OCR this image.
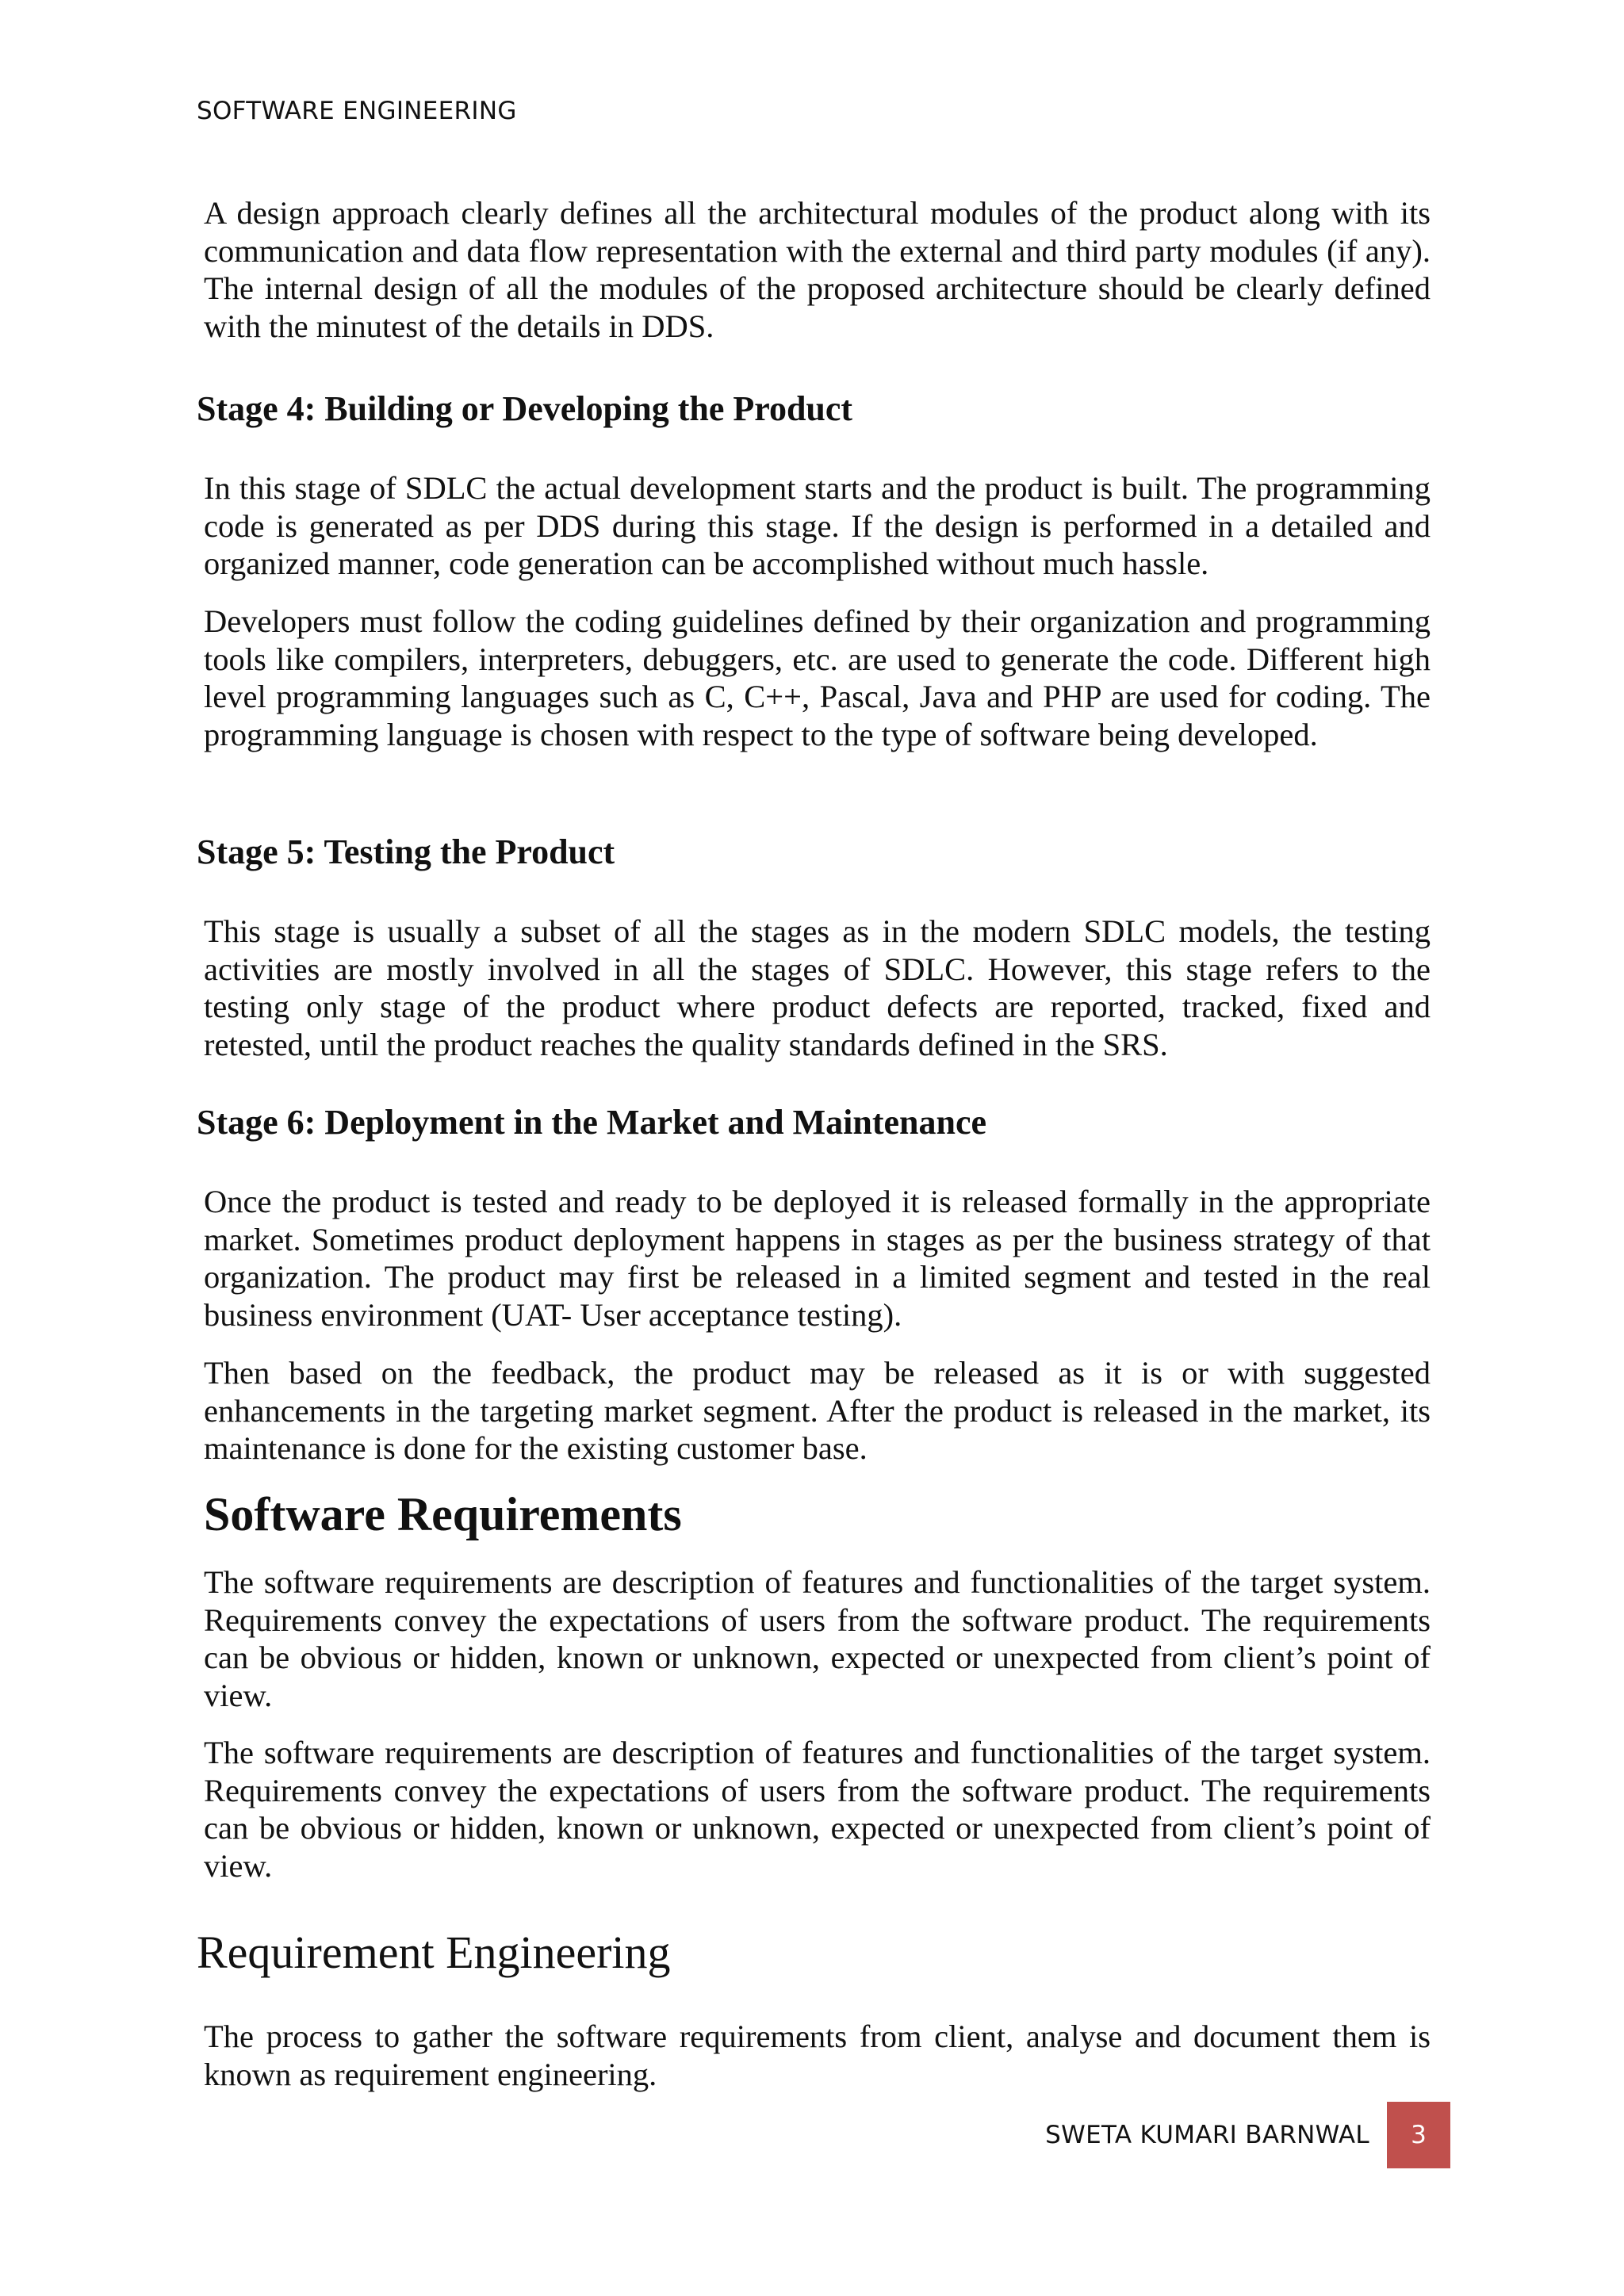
SOFTWARE ENGINEERING

A design approach clearly defines all the architectural modules of the product along with its communication and data flow representation with the external and third party modules (if any). The internal design of all the modules of the proposed architecture should be clearly defined with the minutest of the details in DDS.

Stage 4: Building or Developing the Product

In this stage of SDLC the actual development starts and the product is built. The programming code is generated as per DDS during this stage. If the design is performed in a detailed and organized manner, code generation can be accomplished without much hassle.

Developers must follow the coding guidelines defined by their organization and programming tools like compilers, interpreters, debuggers, etc. are used to generate the code. Different high level programming languages such as C, C++, Pascal, Java and PHP are used for coding. The programming language is chosen with respect to the type of software being developed.

Stage 5: Testing the Product

This stage is usually a subset of all the stages as in the modern SDLC models, the testing activities are mostly involved in all the stages of SDLC. However, this stage refers to the testing only stage of the product where product defects are reported, tracked, fixed and retested, until the product reaches the quality standards defined in the SRS.

Stage 6: Deployment in the Market and Maintenance

Once the product is tested and ready to be deployed it is released formally in the appropriate market. Sometimes product deployment happens in stages as per the business strategy of that organization. The product may first be released in a limited segment and tested in the real business environment (UAT- User acceptance testing).

Then based on the feedback, the product may be released as it is or with suggested enhancements in the targeting market segment. After the product is released in the market, its maintenance is done for the existing customer base.

Software Requirements

The software requirements are description of features and functionalities of the target system. Requirements convey the expectations of users from the software product. The requirements can be obvious or hidden, known or unknown, expected or unexpected from client’s point of view.

The software requirements are description of features and functionalities of the target system. Requirements convey the expectations of users from the software product. The requirements can be obvious or hidden, known or unknown, expected or unexpected from client’s point of view.

Requirement Engineering

The process to gather the software requirements from client, analyse and document them is known as requirement engineering.

SWETA KUMARI BARNWAL	3
